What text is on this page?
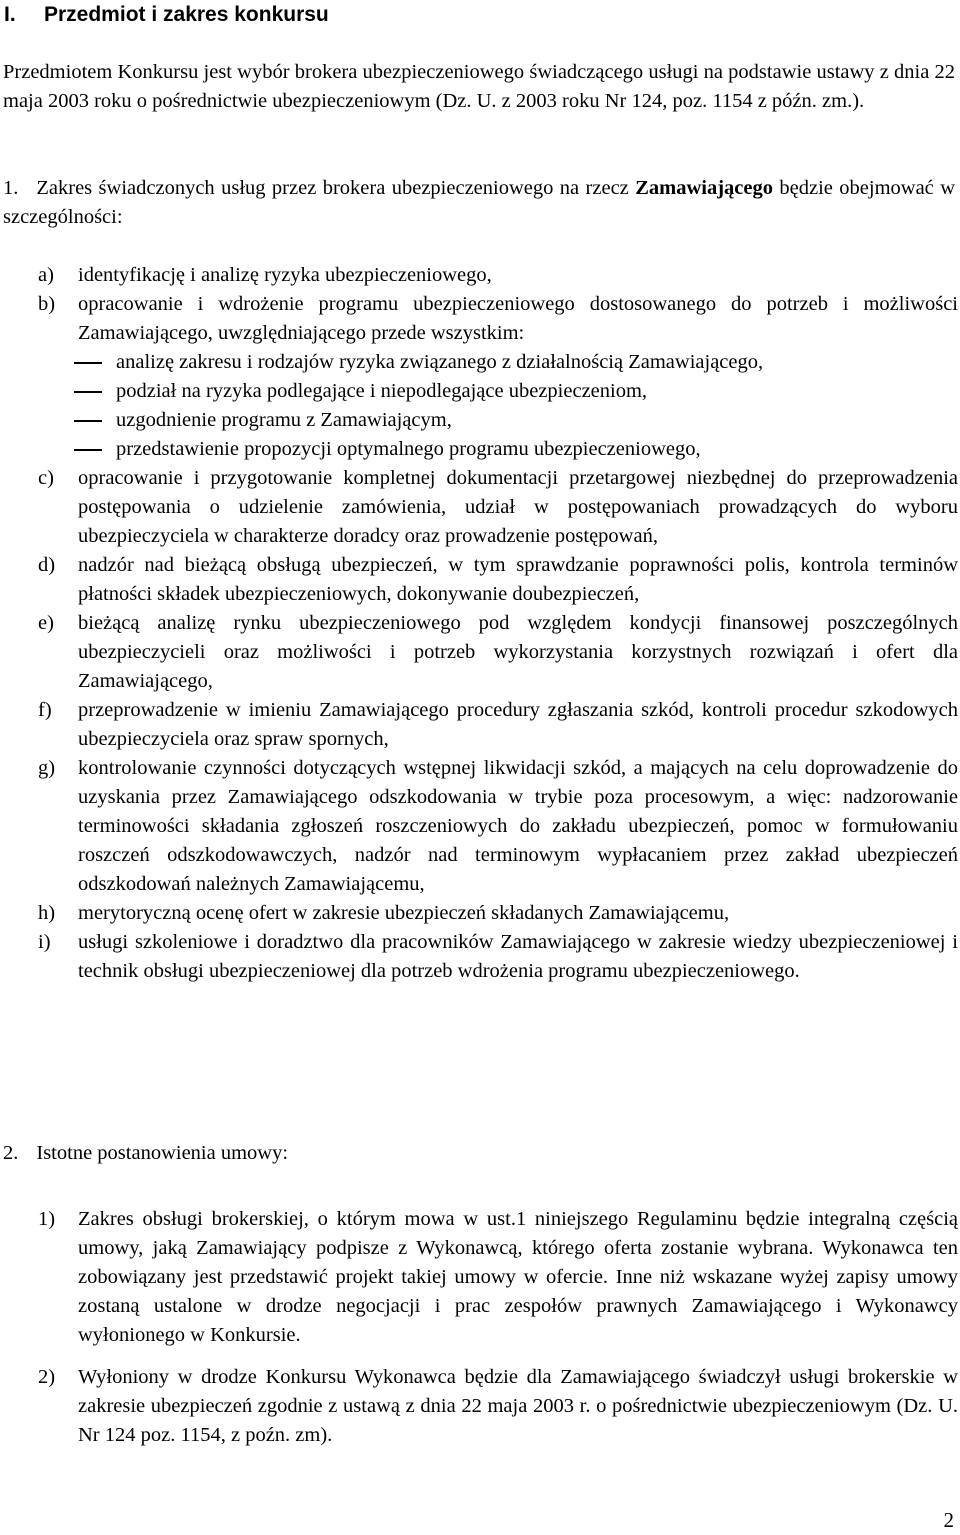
I. Przedmiot i zakres konkursu
Przedmiotem Konkursu jest wybór brokera ubezpieczeniowego świadczącego usługi na podstawie ustawy z dnia 22 maja 2003 roku o pośrednictwie ubezpieczeniowym (Dz. U. z 2003 roku Nr 124, poz. 1154 z późn. zm.).
1. Zakres świadczonych usług przez brokera ubezpieczeniowego na rzecz Zamawiającego będzie obejmować w szczególności:
a) identyfikację i analizę ryzyka ubezpieczeniowego,
b) opracowanie i wdrożenie programu ubezpieczeniowego dostosowanego do potrzeb i możliwości Zamawiającego, uwzględniającego przede wszystkim:
analizę zakresu i rodzajów ryzyka związanego z działalnością Zamawiającego,
podział na ryzyka podlegające i niepodlegające ubezpieczeniom,
uzgodnienie programu z Zamawiającym,
przedstawienie propozycji optymalnego programu ubezpieczeniowego,
c) opracowanie i przygotowanie kompletnej dokumentacji przetargowej niezbędnej do przeprowadzenia postępowania o udzielenie zamówienia, udział w postępowaniach prowadzących do wyboru ubezpieczyciela w charakterze doradcy oraz prowadzenie postępowań,
d) nadzór nad bieżącą obsługą ubezpieczeń, w tym sprawdzanie poprawności polis, kontrola terminów płatności składek ubezpieczeniowych, dokonywanie doubezpieczeń,
e) bieżącą analizę rynku ubezpieczeniowego pod względem kondycji finansowej poszczególnych ubezpieczycieli oraz możliwości i potrzeb wykorzystania korzystnych rozwiązań i ofert dla Zamawiającego,
f) przeprowadzenie w imieniu Zamawiającego procedury zgłaszania szkód, kontroli procedur szkodowych ubezpieczyciela oraz spraw spornych,
g) kontrolowanie czynności dotyczących wstępnej likwidacji szkód, a mających na celu doprowadzenie do uzyskania przez Zamawiającego odszkodowania w trybie poza procesowym, a więc: nadzorowanie terminowości składania zgłoszeń roszczeniowych do zakładu ubezpieczeń, pomoc w formułowaniu roszczeń odszkodowawczych, nadzór nad terminowym wypłacaniem przez zakład ubezpieczeń odszkodowań należnych Zamawiającemu,
h) merytoryczną ocenę ofert w zakresie ubezpieczeń składanych Zamawiającemu,
i) usługi szkoleniowe i doradztwo dla pracowników Zamawiającego w zakresie wiedzy ubezpieczeniowej i technik obsługi ubezpieczeniowej dla potrzeb wdrożenia programu ubezpieczeniowego.
2. Istotne postanowienia umowy:
1) Zakres obsługi brokerskiej, o którym mowa w ust.1 niniejszego Regulaminu będzie integralną częścią umowy, jaką Zamawiający podpisze z Wykonawcą, którego oferta zostanie wybrana. Wykonawca ten zobowiązany jest przedstawić projekt takiej umowy w ofercie. Inne niż wskazane wyżej zapisy umowy zostaną ustalone w drodze negocjacji i prac zespołów prawnych Zamawiającego i Wykonawcy wyłonionego w Konkursie.
2) Wyłoniony w drodze Konkursu Wykonawca będzie dla Zamawiającego świadczył usługi brokerskie w zakresie ubezpieczeń zgodnie z ustawą z dnia 22 maja 2003 r. o pośrednictwie ubezpieczeniowym (Dz. U. Nr 124 poz. 1154, z poźn. zm).
2
